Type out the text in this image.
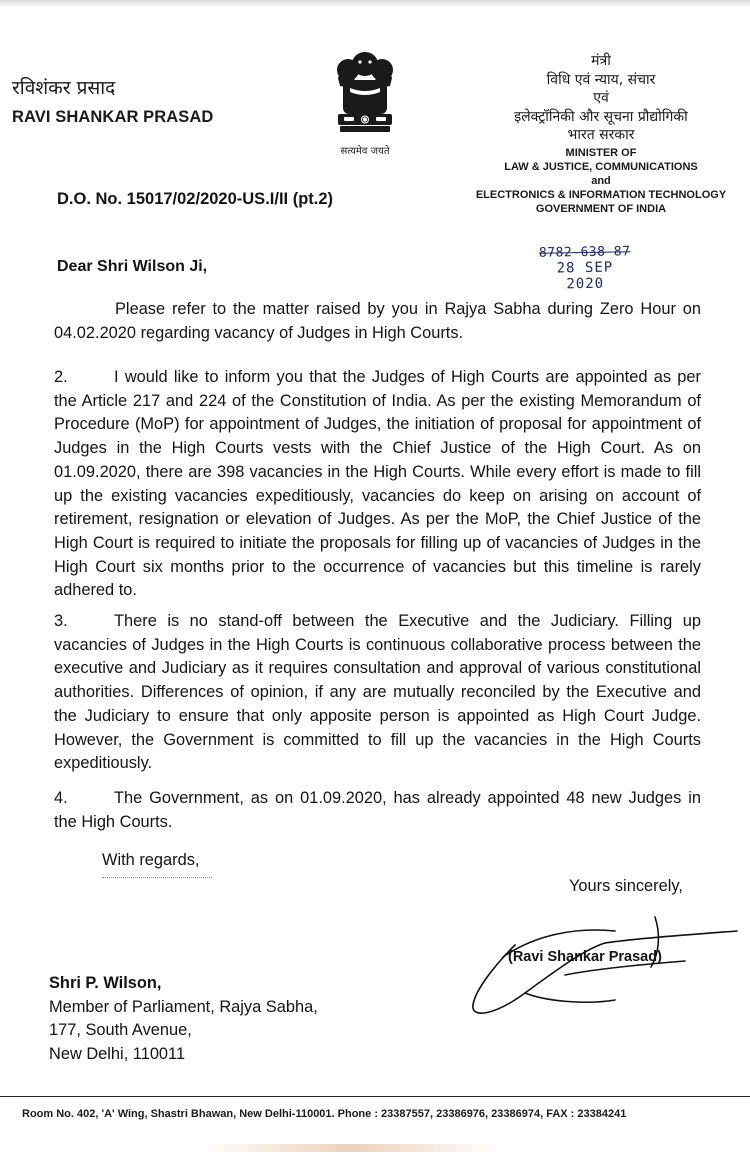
रविशंकर प्रसाद
RAVI SHANKAR PRASAD
सत्यमेव जयते
मंत्री
विधि एवं न्याय, संचार
एवं
इलेक्ट्रॉनिकी और सूचना प्रौद्योगिकी
भारत सरकार
MINISTER OF
LAW & JUSTICE, COMMUNICATIONS
and
ELECTRONICS & INFORMATION TECHNOLOGY
GOVERNMENT OF INDIA
D.O. No. 15017/02/2020-US.I/II (pt.2)
8782-638-87
28 SEP 2020
Dear Shri Wilson Ji,
Please refer to the matter raised by you in Rajya Sabha during Zero Hour on 04.02.2020 regarding vacancy of Judges in High Courts.
2.	I would like to inform you that the Judges of High Courts are appointed as per the Article 217 and 224 of the Constitution of India. As per the existing Memorandum of Procedure (MoP) for appointment of Judges, the initiation of proposal for appointment of Judges in the High Courts vests with the Chief Justice of the High Court. As on 01.09.2020, there are 398 vacancies in the High Courts. While every effort is made to fill up the existing vacancies expeditiously, vacancies do keep on arising on account of retirement, resignation or elevation of Judges. As per the MoP, the Chief Justice of the High Court is required to initiate the proposals for filling up of vacancies of Judges in the High Court six months prior to the occurrence of vacancies but this timeline is rarely adhered to.
3.	There is no stand-off between the Executive and the Judiciary. Filling up vacancies of Judges in the High Courts is continuous collaborative process between the executive and Judiciary as it requires consultation and approval of various constitutional authorities. Differences of opinion, if any are mutually reconciled by the Executive and the Judiciary to ensure that only apposite person is appointed as High Court Judge. However, the Government is committed to fill up the vacancies in the High Courts expeditiously.
4.	The Government, as on 01.09.2020, has already appointed 48 new Judges in the High Courts.
With regards,
Yours sincerely,
(Ravi Shankar Prasad)
Shri P. Wilson,
Member of Parliament, Rajya Sabha,
177, South Avenue,
New Delhi, 110011
Room No. 402, 'A' Wing, Shastri Bhawan, New Delhi-110001. Phone : 23387557, 23386976, 23386974, FAX : 23384241
